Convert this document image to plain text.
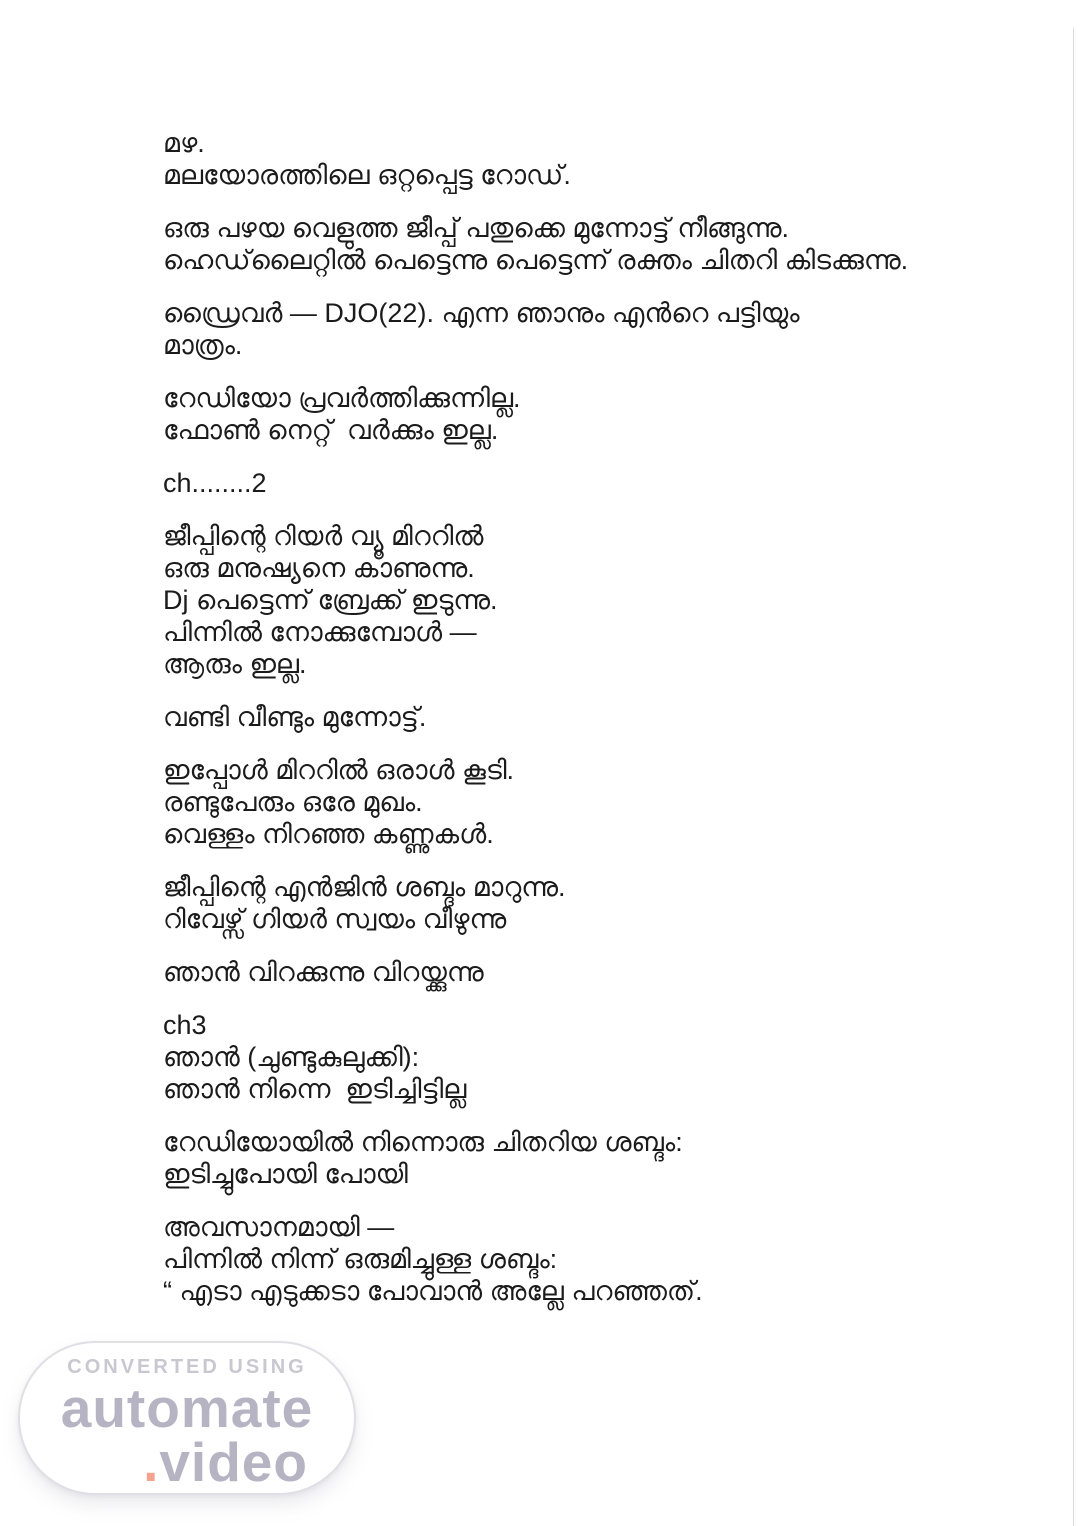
മഴ.
മലയോരത്തിലെ ഒറ്റപ്പെട്ട റോഡ്.
ഒരു പഴയ വെളുത്ത ജീപ്പ് പതുക്കെ മുന്നോട്ട് നീങ്ങുന്നു.
ഹെഡ്‌ലൈറ്റിൽ പെട്ടെന്നു പെട്ടെന്ന് രക്തം ചിതറി കിടക്കുന്നു.
ഡ്രൈവർ — DJO(22). എന്ന ഞാനും എൻറെ പട്ടിയും
മാത്രം.
റേഡിയോ പ്രവർത്തിക്കുന്നില്ല.
ഫോൺ നെറ്റ്  വർക്കും ഇല്ല.
ch........2
ജീപ്പിന്റെ റിയർ വ്യൂ മിററിൽ
ഒരു മനുഷ്യനെ കാണുന്നു.
Dj പെട്ടെന്ന് ബ്രേക്ക് ഇടുന്നു.
പിന്നിൽ നോക്കുമ്പോൾ —
ആരും ഇല്ല.
വണ്ടി വീണ്ടും മുന്നോട്ട്.
ഇപ്പോൾ മിററിൽ ഒരാൾ കൂടി.
രണ്ടുപേരും ഒരേ മുഖം.
വെള്ളം നിറഞ്ഞ കണ്ണുകൾ.
ജീപ്പിന്റെ എൻജിൻ ശബ്ദം മാറുന്നു.
റിവേഴ്സ് ഗിയർ സ്വയം വീഴുന്നു
ഞാൻ വിറക്കുന്നു വിറയ്ക്കുന്നു
ch3
ഞാൻ (ചുണ്ടുകുലുക്കി):
ഞാൻ നിന്നെ  ഇടിച്ചിട്ടില്ല
റേഡിയോയിൽ നിന്നൊരു ചിതറിയ ശബ്ദം:
ഇടിച്ചുപോയി പോയി
അവസാനമായി —
പിന്നിൽ നിന്ന് ഒരുമിച്ചുള്ള ശബ്ദം:
“ എടാ എടുക്കടാ പോവാൻ അല്ലേ പറഞ്ഞത്.
CONVERTED USING
automate
.video
